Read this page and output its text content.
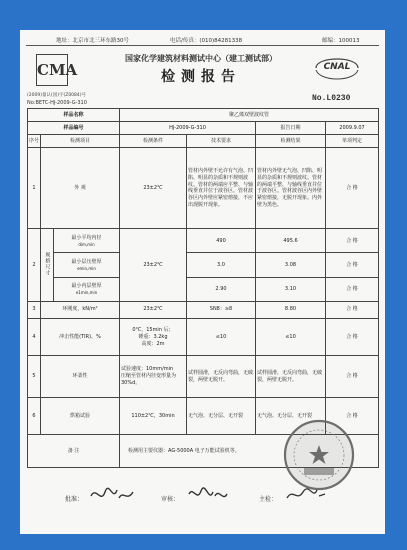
地址：北京市北三环东路30号	电话/传真：(010)84281338	邮编：100013
CMA
国家化学建筑材料测试中心（建工测试部）
检测报告
CNAL
(2009)量认(国)字(Z0084)号
No:BETC-HJ-2009-G-310	No.L0230
样品名称			聚乙烯双壁波纹管			
样品编号			HJ-2009-G-310		报告日期	2009.9.07
序号	检测项目		检测条件	技术要求	检测结果	单项判定
1	外 观		23±2℃	管材内外壁不允许有气泡、凹陷、明显的杂质和不规则波纹。管材的两端应平整、与轴线垂直并位于波谷区。管材波谷区内外壁应紧密熔接，不应出现脱开现象。	管材内外壁无气泡、凹陷、明显的杂质和不规则波纹。管材的两端平整、与轴线垂直并位于波谷区。管材波谷区内外壁紧密熔接，无脱开现象。内外壁为黑色。	合 格
2	规格尺寸	最小平均内径
dim,min	23±2℃	490	495.6	合 格

		最小层压壁厚
emin,min		3.0	3.08	合 格

		最小内层壁厚
e1min,min		2.90	3.10	合 格
3	环刚度，kN/m²		23±2℃	SN8：≥8	8.80	合 格
4	冲击性能(TIR)，%		0℃，15min 后；
锤重：3.2kg
高度：2m	≤10	≤10	合 格
5	环柔性		试验速度：10mm/min
压缩至管材内径变形量为30%d。	试样圆滑，无反向弯曲，无破裂，两壁无脱开。	试样圆滑，无反向弯曲，无破裂，两壁无脱开。	合 格
6	烘箱试验		110±2℃，30min	无气泡、无分层、无开裂	无气泡、无分层、无开裂	合 格
备 注			检测用主要仪器：AG-5000A 电子万能试验机等。			
批准：	审核：	主检：
